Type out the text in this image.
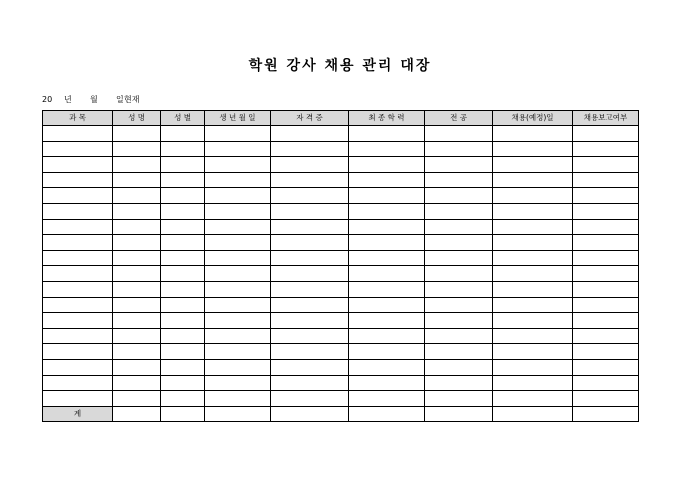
학원 강사 채용 관리 대장
20 년 월 일현재
과 목	성 명	성 별	생 년 월 일	자 격 증	최 종 학 력	전 공	채용(예정)일	채용보고여부

계								
